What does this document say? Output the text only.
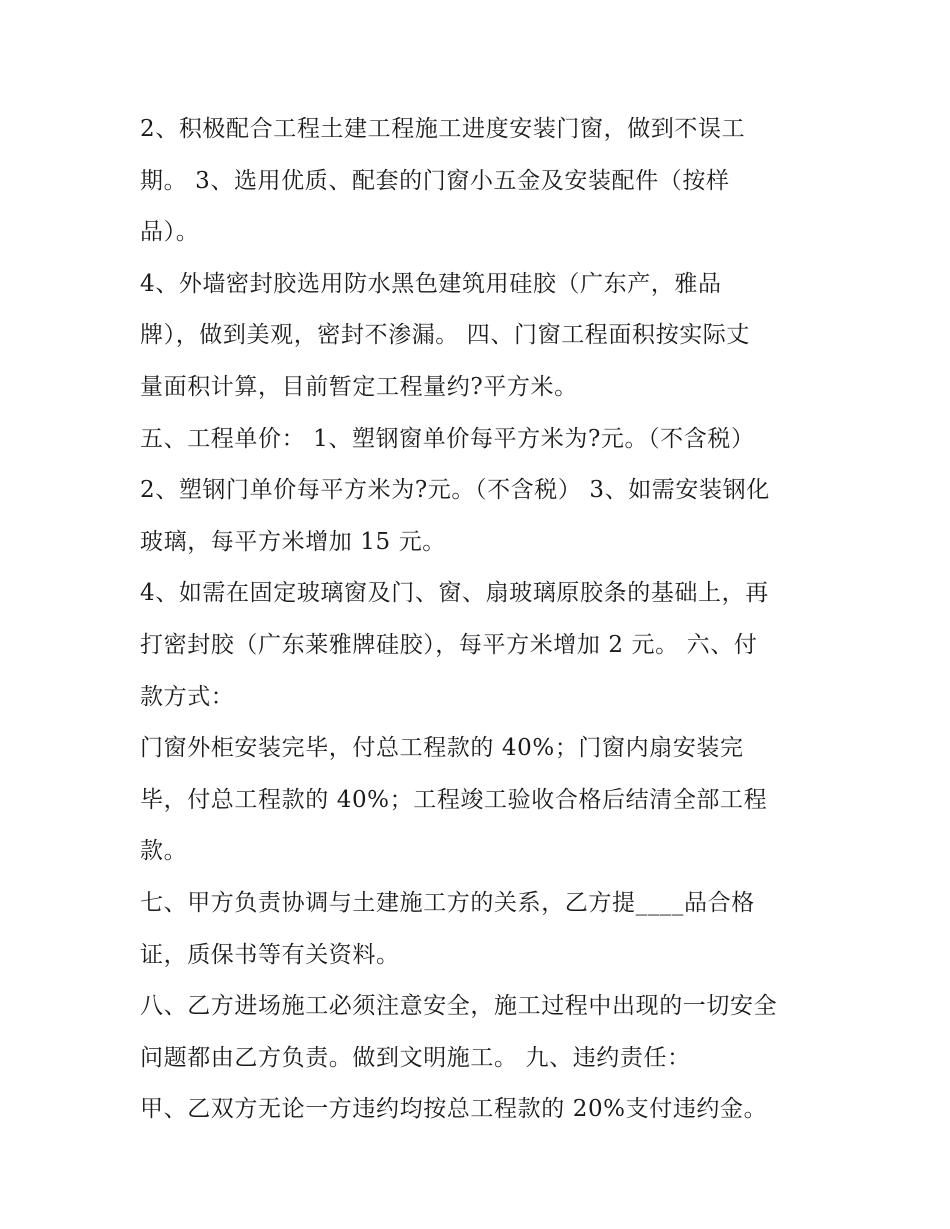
2、积极配合工程土建工程施工进度安装门窗，做到不误工
期。 3、选用优质、配套的门窗小五金及安装配件（按样
品）。
4、外墙密封胶选用防水黑色建筑用硅胶（广东产，雅品
牌），做到美观，密封不渗漏。 四、门窗工程面积按实际丈
量面积计算，目前暂定工程量约?平方米。
五、工程单价： 1、塑钢窗单价每平方米为?元。（不含税）
2、塑钢门单价每平方米为?元。（不含税） 3、如需安装钢化
玻璃，每平方米增加 15 元。
4、如需在固定玻璃窗及门、窗、扇玻璃原胶条的基础上，再
打密封胶（广东莱雅牌硅胶），每平方米增加 2 元。 六、付
款方式：
门窗外柜安装完毕，付总工程款的 40%；门窗内扇安装完
毕，付总工程款的 40%；工程竣工验收合格后结清全部工程
款。
七、甲方负责协调与土建施工方的关系，乙方提____品合格
证，质保书等有关资料。
八、乙方进场施工必须注意安全，施工过程中出现的一切安全
问题都由乙方负责。做到文明施工。 九、违约责任：
甲、乙双方无论一方违约均按总工程款的 20%支付违约金。
